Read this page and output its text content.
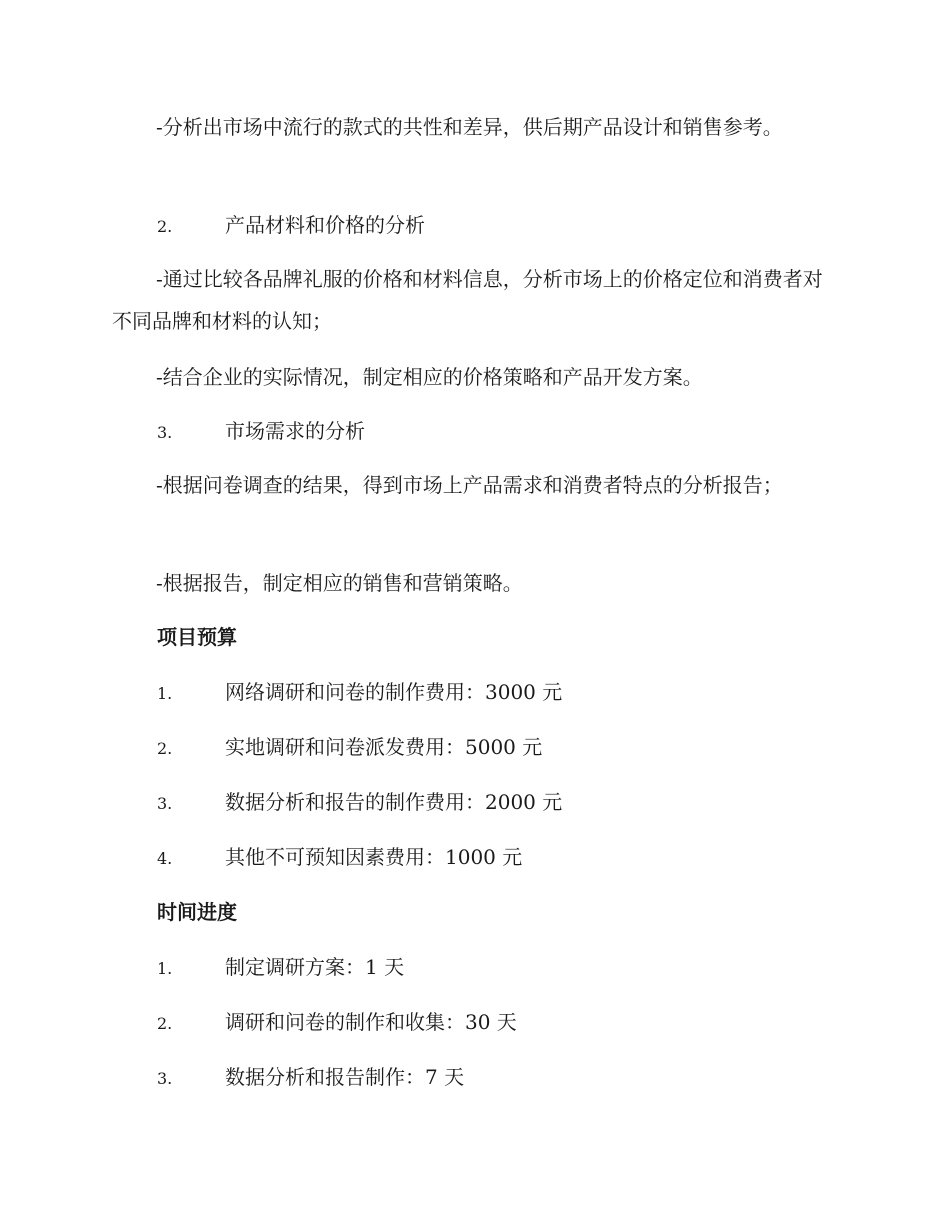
-分析出市场中流行的款式的共性和差异，供后期产品设计和销售参考。

2.	产品材料和价格的分析

-通过比较各品牌礼服的价格和材料信息，分析市场上的价格定位和消费者对不同品牌和材料的认知；

-结合企业的实际情况，制定相应的价格策略和产品开发方案。

3.	市场需求的分析

-根据问卷调查的结果，得到市场上产品需求和消费者特点的分析报告；

-根据报告，制定相应的销售和营销策略。

项目预算
1.	网络调研和问卷的制作费用：3000 元
2.	实地调研和问卷派发费用：5000 元
3.	数据分析和报告的制作费用：2000 元
4.	其他不可预知因素费用：1000 元
时间进度
1.	制定调研方案：1 天
2.	调研和问卷的制作和收集：30 天
3.	数据分析和报告制作：7 天
